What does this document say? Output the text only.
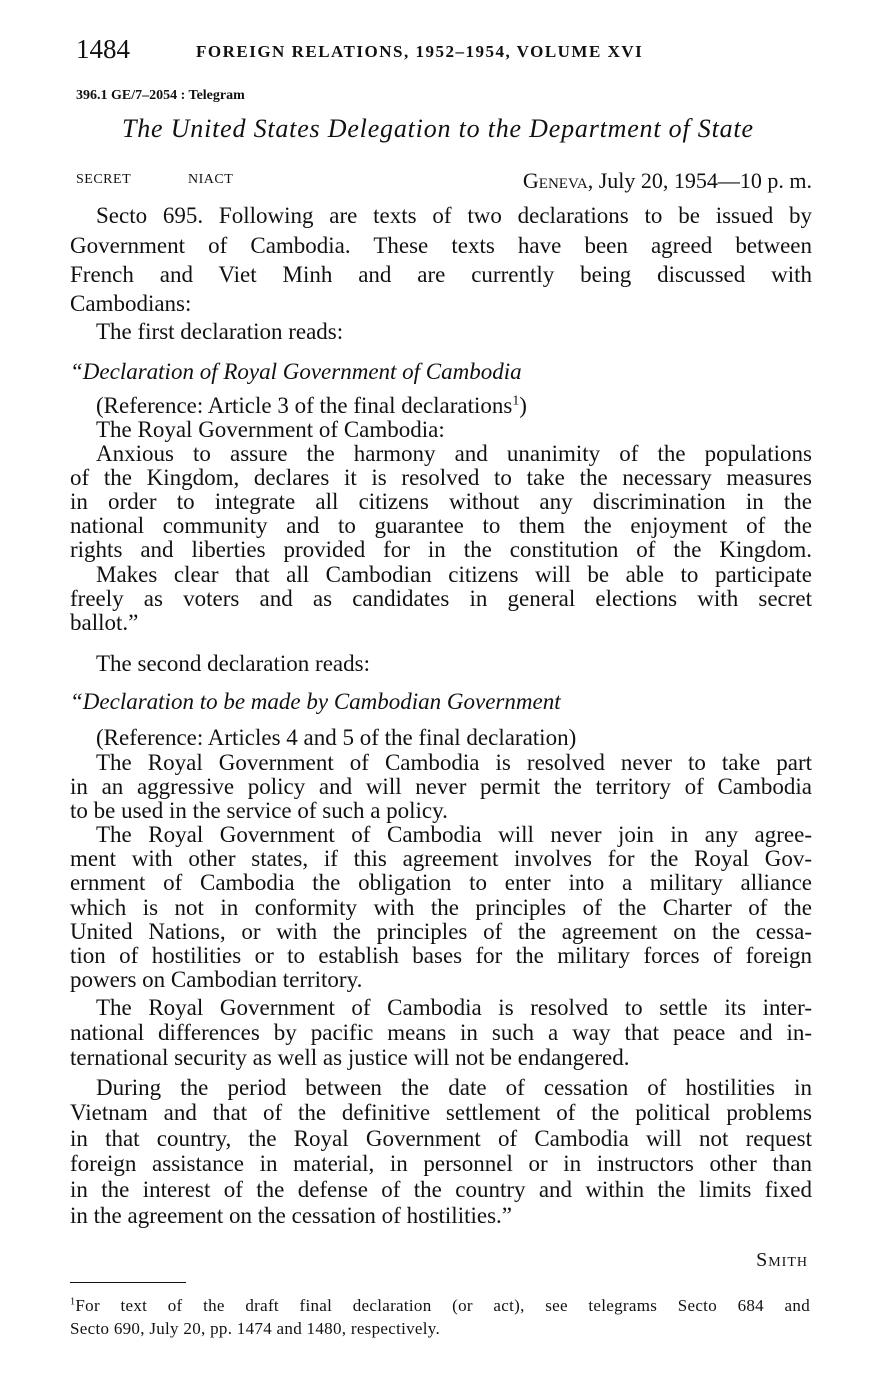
1484	FOREIGN RELATIONS, 1952–1954, VOLUME XVI
396.1 GE/7–2054 : Telegram
The United States Delegation to the Department of State
SECRET	NIACT	Geneva, July 20, 1954—10 p. m.
Secto 695. Following are texts of two declarations to be issued by
Government of Cambodia. These texts have been agreed between
French and Viet Minh and are currently being discussed with
Cambodians:
The first declaration reads:
“Declaration of Royal Government of Cambodia
(Reference: Article 3 of the final declarations$^1$)
The Royal Government of Cambodia:
Anxious to assure the harmony and unanimity of the populations
of the Kingdom, declares it is resolved to take the necessary measures
in order to integrate all citizens without any discrimination in the
national community and to guarantee to them the enjoyment of the
rights and liberties provided for in the constitution of the Kingdom.
Makes clear that all Cambodian citizens will be able to participate
freely as voters and as candidates in general elections with secret
ballot.”
The second declaration reads:
“Declaration to be made by Cambodian Government
(Reference: Articles 4 and 5 of the final declaration)
The Royal Government of Cambodia is resolved never to take part
in an aggressive policy and will never permit the territory of Cambodia
to be used in the service of such a policy.
The Royal Government of Cambodia will never join in any agree-
ment with other states, if this agreement involves for the Royal Gov-
ernment of Cambodia the obligation to enter into a military alliance
which is not in conformity with the principles of the Charter of the
United Nations, or with the principles of the agreement on the cessa-
tion of hostilities or to establish bases for the military forces of foreign
powers on Cambodian territory.
The Royal Government of Cambodia is resolved to settle its inter-
national differences by pacific means in such a way that peace and in-
ternational security as well as justice will not be endangered.
During the period between the date of cessation of hostilities in
Vietnam and that of the definitive settlement of the political problems
in that country, the Royal Government of Cambodia will not request
foreign assistance in material, in personnel or in instructors other than
in the interest of the defense of the country and within the limits fixed
in the agreement on the cessation of hostilities.”
Smith
$^1$For text of the draft final declaration (or act), see telegrams Secto 684 and
Secto 690, July 20, pp. 1474 and 1480, respectively.
